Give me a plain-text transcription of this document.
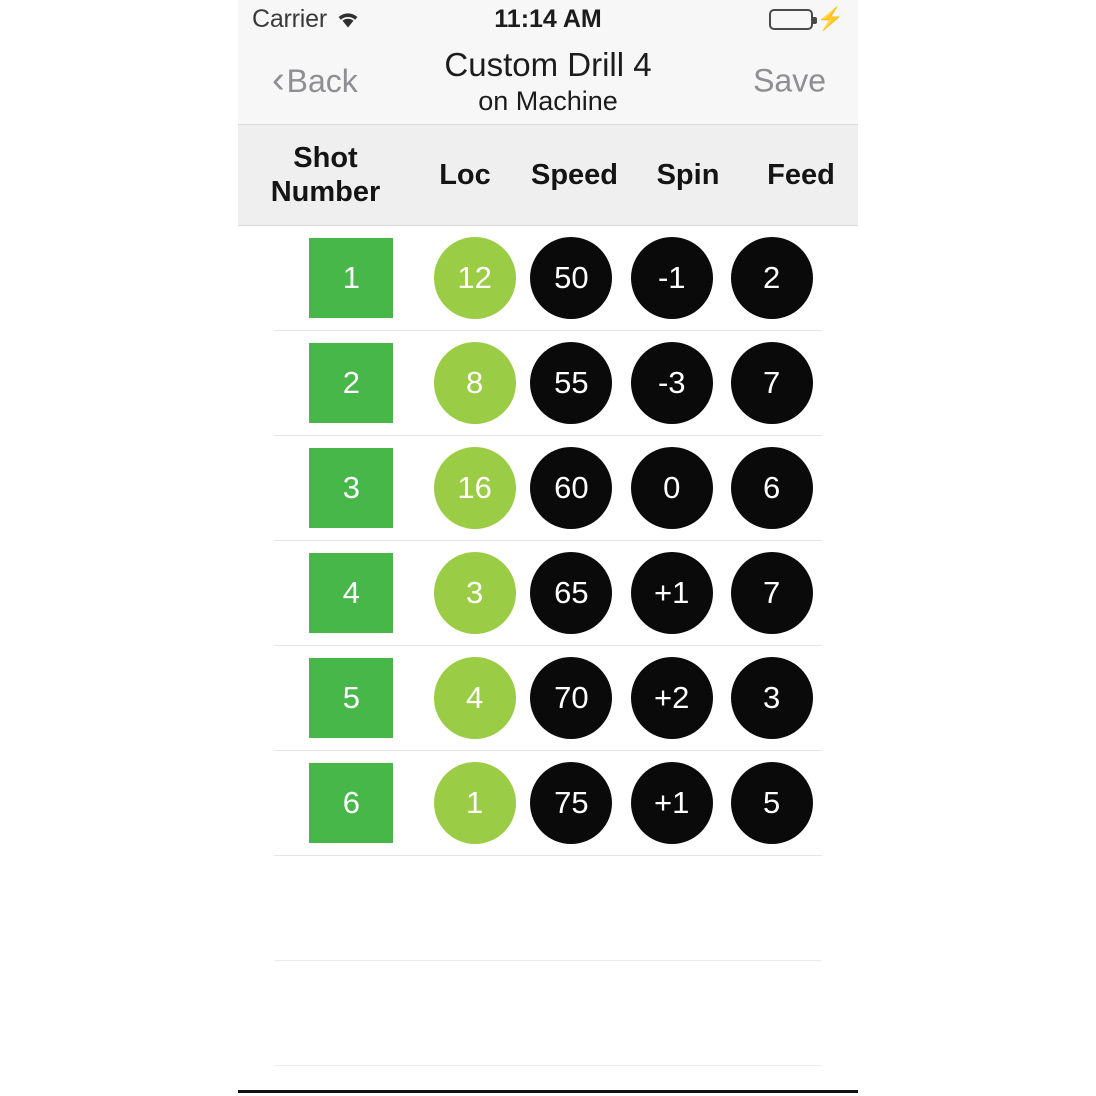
Carrier	11:14 AM	⚡
‹ Back	Custom Drill 4
on Machine
Save
Shot
Number
Loc	Speed	Spin	Feed
1	12	50	-1	2
2	8	55	-3	7
3	16	60	0	6
4	3	65	+1	7
5	4	70	+2	3
6	1	75	+1	5
